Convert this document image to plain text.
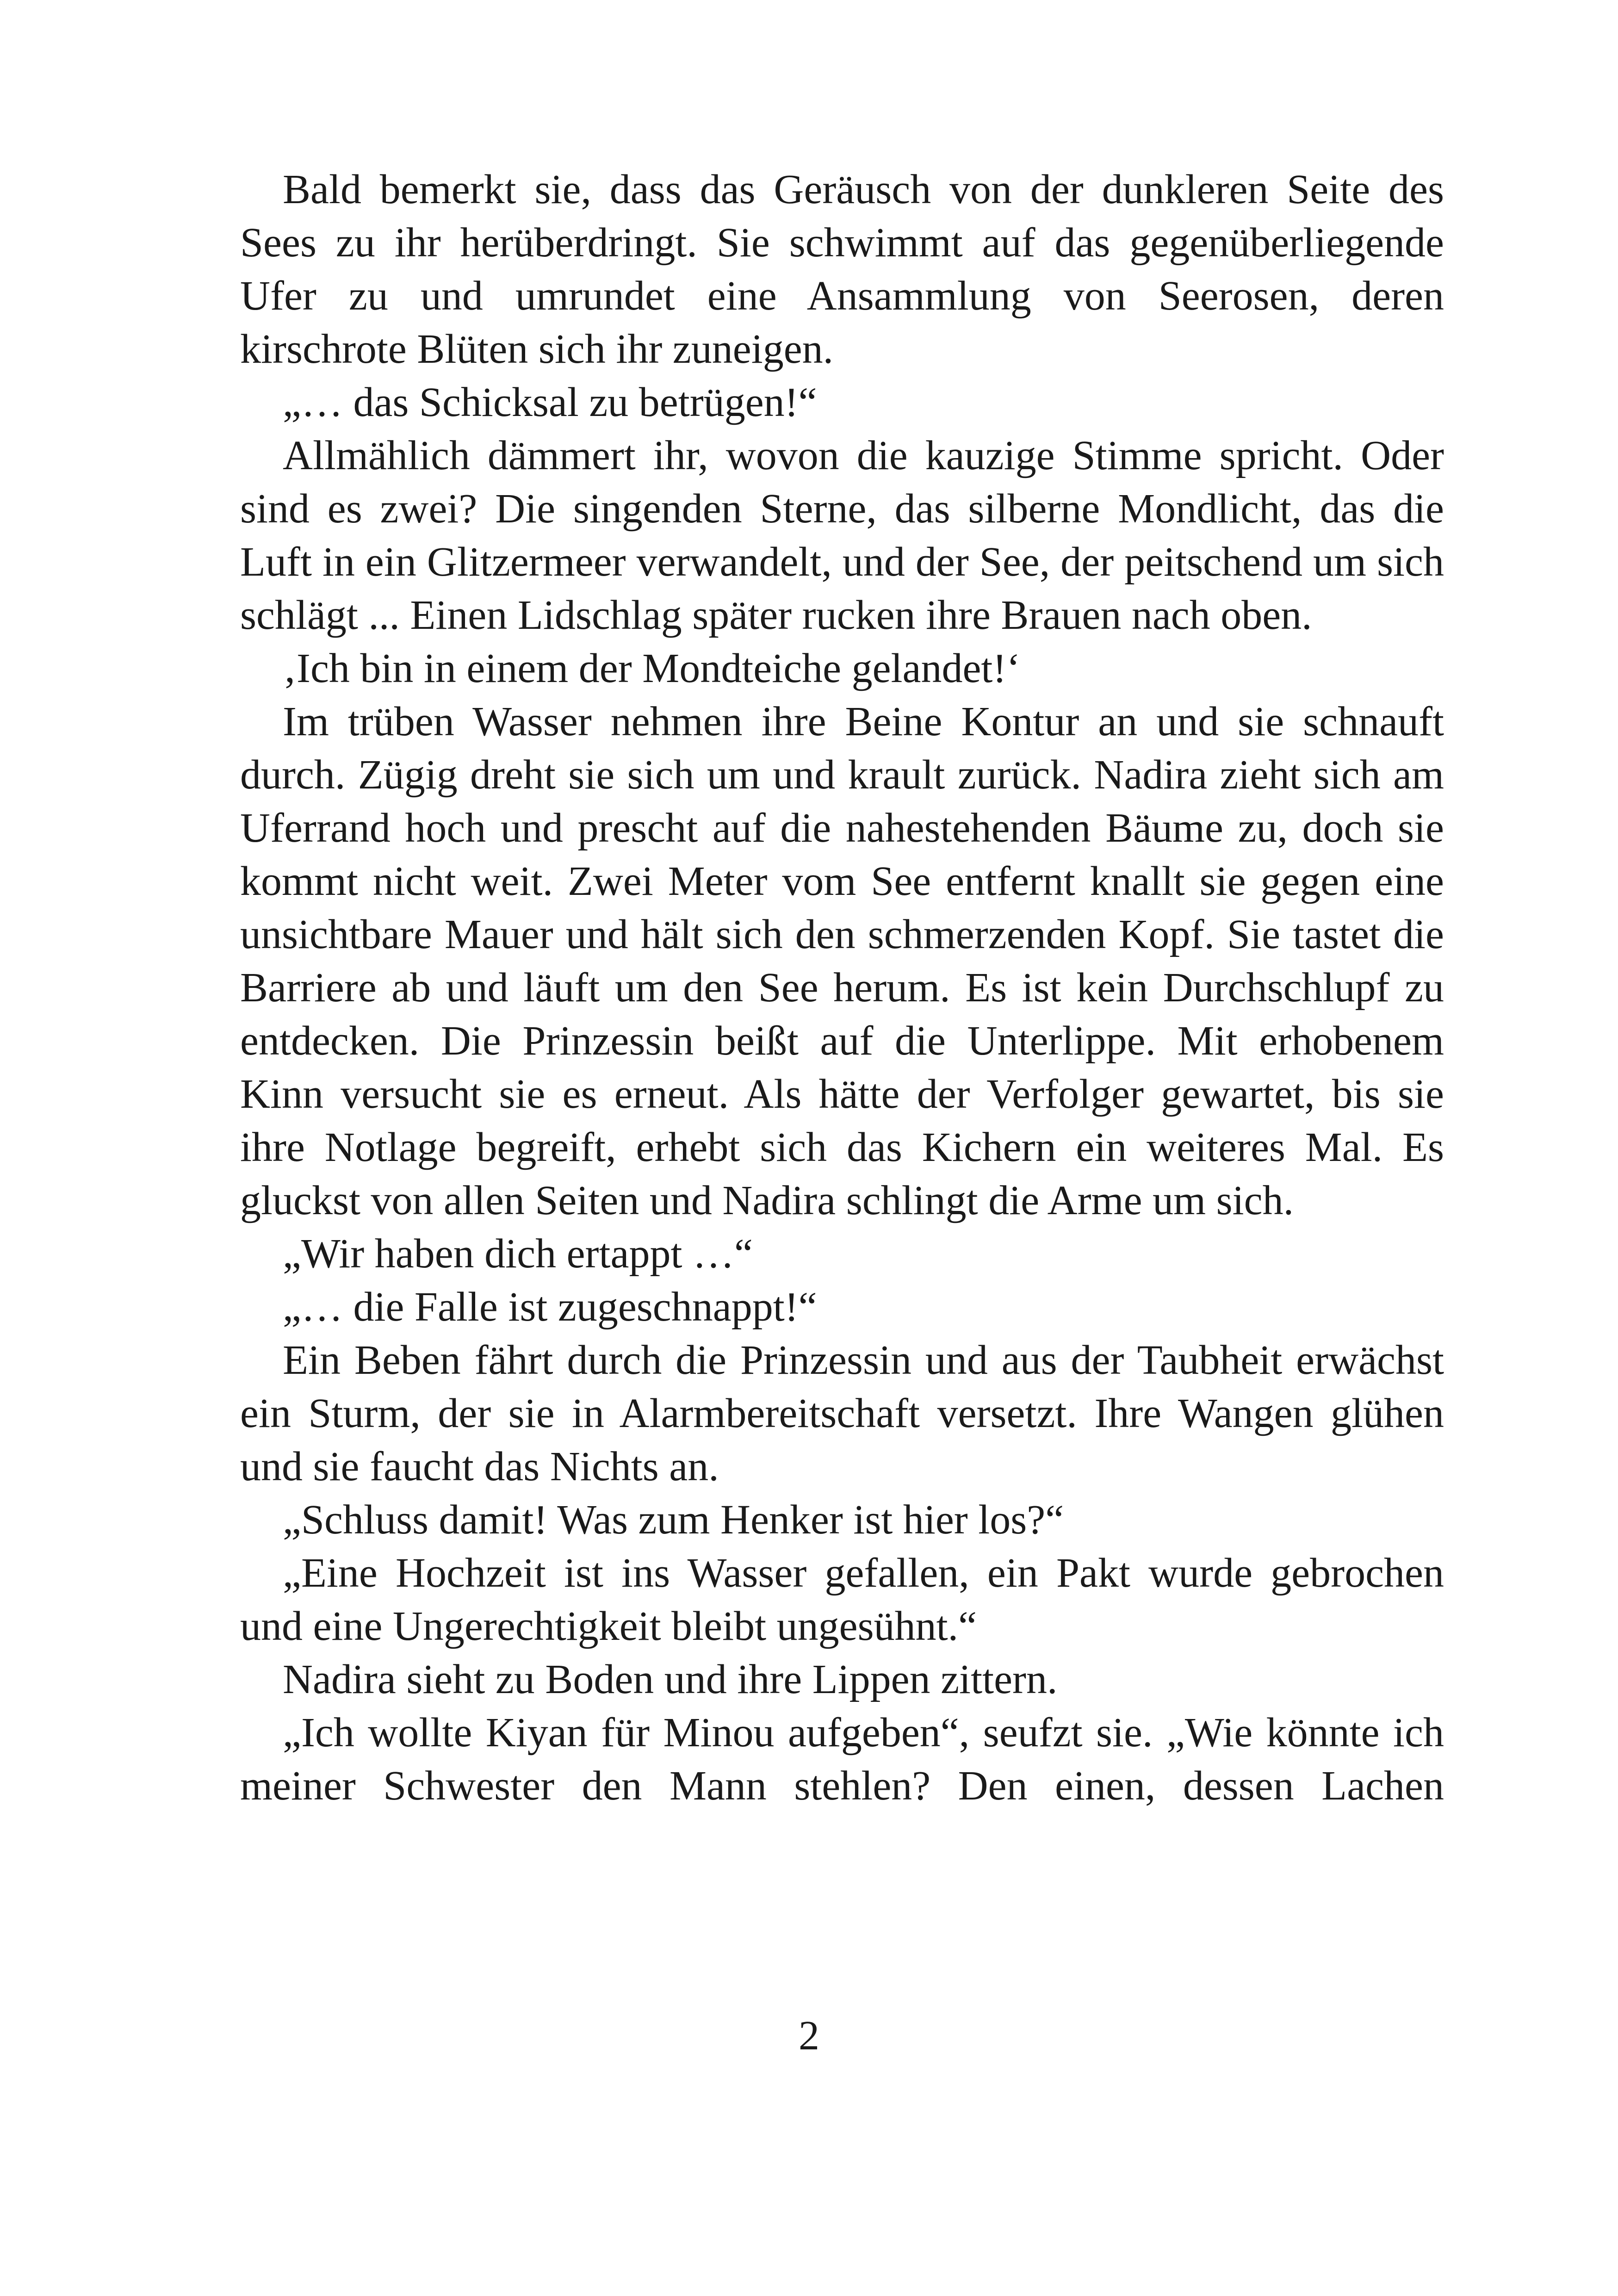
Bald bemerkt sie, dass das Geräusch von der dunkleren Seite des Sees zu ihr herüberdringt. Sie schwimmt auf das gegenüberliegende Ufer zu und umrundet eine Ansammlung von Seerosen, deren kirschrote Blüten sich ihr zuneigen.

„… das Schicksal zu betrügen!“

Allmählich dämmert ihr, wovon die kauzige Stimme spricht. Oder sind es zwei? Die singenden Sterne, das silberne Mondlicht, das die Luft in ein Glitzermeer verwandelt, und der See, der peitschend um sich schlägt ... Einen Lidschlag später rucken ihre Brauen nach oben.

‚Ich bin in einem der Mondteiche gelandet!‘

Im trüben Wasser nehmen ihre Beine Kontur an und sie schnauft durch. Zügig dreht sie sich um und krault zurück. Nadira zieht sich am Uferrand hoch und prescht auf die nahestehenden Bäume zu, doch sie kommt nicht weit. Zwei Meter vom See entfernt knallt sie gegen eine unsichtbare Mauer und hält sich den schmerzenden Kopf. Sie tastet die Barriere ab und läuft um den See herum. Es ist kein Durchschlupf zu entdecken. Die Prinzessin beißt auf die Unterlippe. Mit erhobenem Kinn versucht sie es erneut. Als hätte der Verfolger gewartet, bis sie ihre Notlage begreift, erhebt sich das Kichern ein weiteres Mal. Es gluckst von allen Seiten und Nadira schlingt die Arme um sich.

„Wir haben dich ertappt …“

„… die Falle ist zugeschnappt!“

Ein Beben fährt durch die Prinzessin und aus der Taubheit erwächst ein Sturm, der sie in Alarmbereitschaft versetzt. Ihre Wangen glühen und sie faucht das Nichts an.

„Schluss damit! Was zum Henker ist hier los?“

„Eine Hochzeit ist ins Wasser gefallen, ein Pakt wurde gebrochen und eine Ungerechtigkeit bleibt ungesühnt.“

Nadira sieht zu Boden und ihre Lippen zittern.

„Ich wollte Kiyan für Minou aufgeben“, seufzt sie. „Wie könnte ich meiner Schwester den Mann stehlen? Den einen, dessen Lachen

2
